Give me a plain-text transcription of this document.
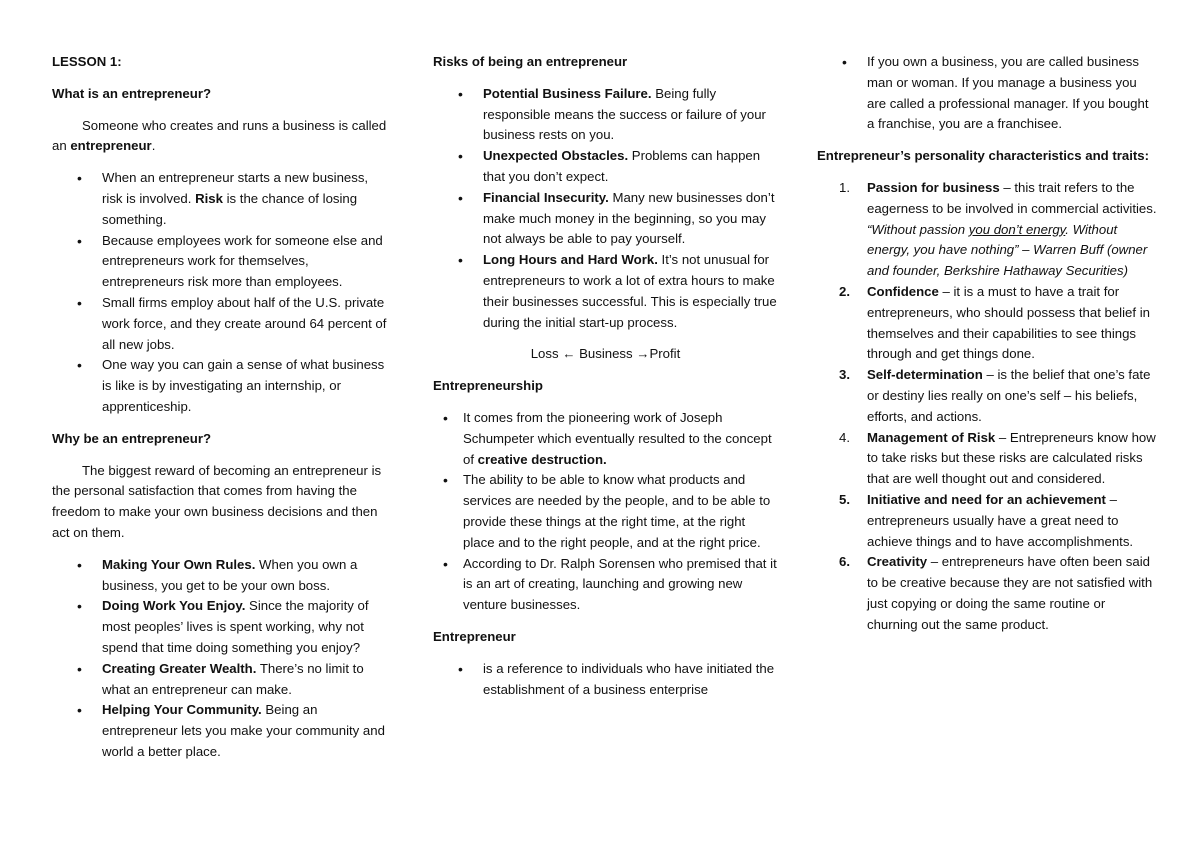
LESSON 1:
What is an entrepreneur?

Someone who creates and runs a business is called an entrepreneur.

• When an entrepreneur starts a new business, risk is involved. Risk is the chance of losing something.
• Because employees work for someone else and entrepreneurs work for themselves, entrepreneurs risk more than employees.
• Small firms employ about half of the U.S. private work force, and they create around 64 percent of all new jobs.
• One way you can gain a sense of what business is like is by investigating an internship, or apprenticeship.
Why be an entrepreneur?

The biggest reward of becoming an entrepreneur is the personal satisfaction that comes from having the freedom to make your own business decisions and then act on them.

• Making Your Own Rules. When you own a business, you get to be your own boss.
• Doing Work You Enjoy. Since the majority of most peoples’ lives is spent working, why not spend that time doing something you enjoy?
• Creating Greater Wealth. There’s no limit to what an entrepreneur can make.
• Helping Your Community. Being an entrepreneur lets you make your community and world a better place.
Risks of being an entrepreneur
• Potential Business Failure. Being fully responsible means the success or failure of your business rests on you.
• Unexpected Obstacles. Problems can happen that you don’t expect.
• Financial Insecurity. Many new businesses don’t make much money in the beginning, so you may not always be able to pay yourself.
• Long Hours and Hard Work. It’s not unusual for entrepreneurs to work a lot of extra hours to make their businesses successful. This is especially true during the initial start-up process.
Loss ← Business →Profit
Entrepreneurship
• It comes from the pioneering work of Joseph Schumpeter which eventually resulted to the concept of creative destruction.
• The ability to be able to know what products and services are needed by the people, and to be able to provide these things at the right time, at the right place and to the right people, and at the right price.
• According to Dr. Ralph Sorensen who premised that it is an art of creating, launching and growing new venture businesses.
Entrepreneur
• is a reference to individuals who have initiated the establishment of a business enterprise
• If you own a business, you are called business man or woman. If you manage a business you are called a professional manager. If you bought a franchise, you are a franchisee.
Entrepreneur’s personality characteristics and traits:
1. Passion for business – this trait refers to the eagerness to be involved in commercial activities.
“Without passion you don’t energy. Without energy, you have nothing” – Warren Buff (owner and founder, Berkshire Hathaway Securities)
2. Confidence – it is a must to have a trait for entrepreneurs, who should possess that belief in themselves and their capabilities to see things through and get things done.
3. Self-determination – is the belief that one’s fate or destiny lies really on one’s self – his beliefs, efforts, and actions.
4. Management of Risk – Entrepreneurs know how to take risks but these risks are calculated risks that are well thought out and considered.
5. Initiative and need for an achievement – entrepreneurs usually have a great need to achieve things and to have accomplishments.
6. Creativity – entrepreneurs have often been said to be creative because they are not satisfied with just copying or doing the same routine or churning out the same product.
